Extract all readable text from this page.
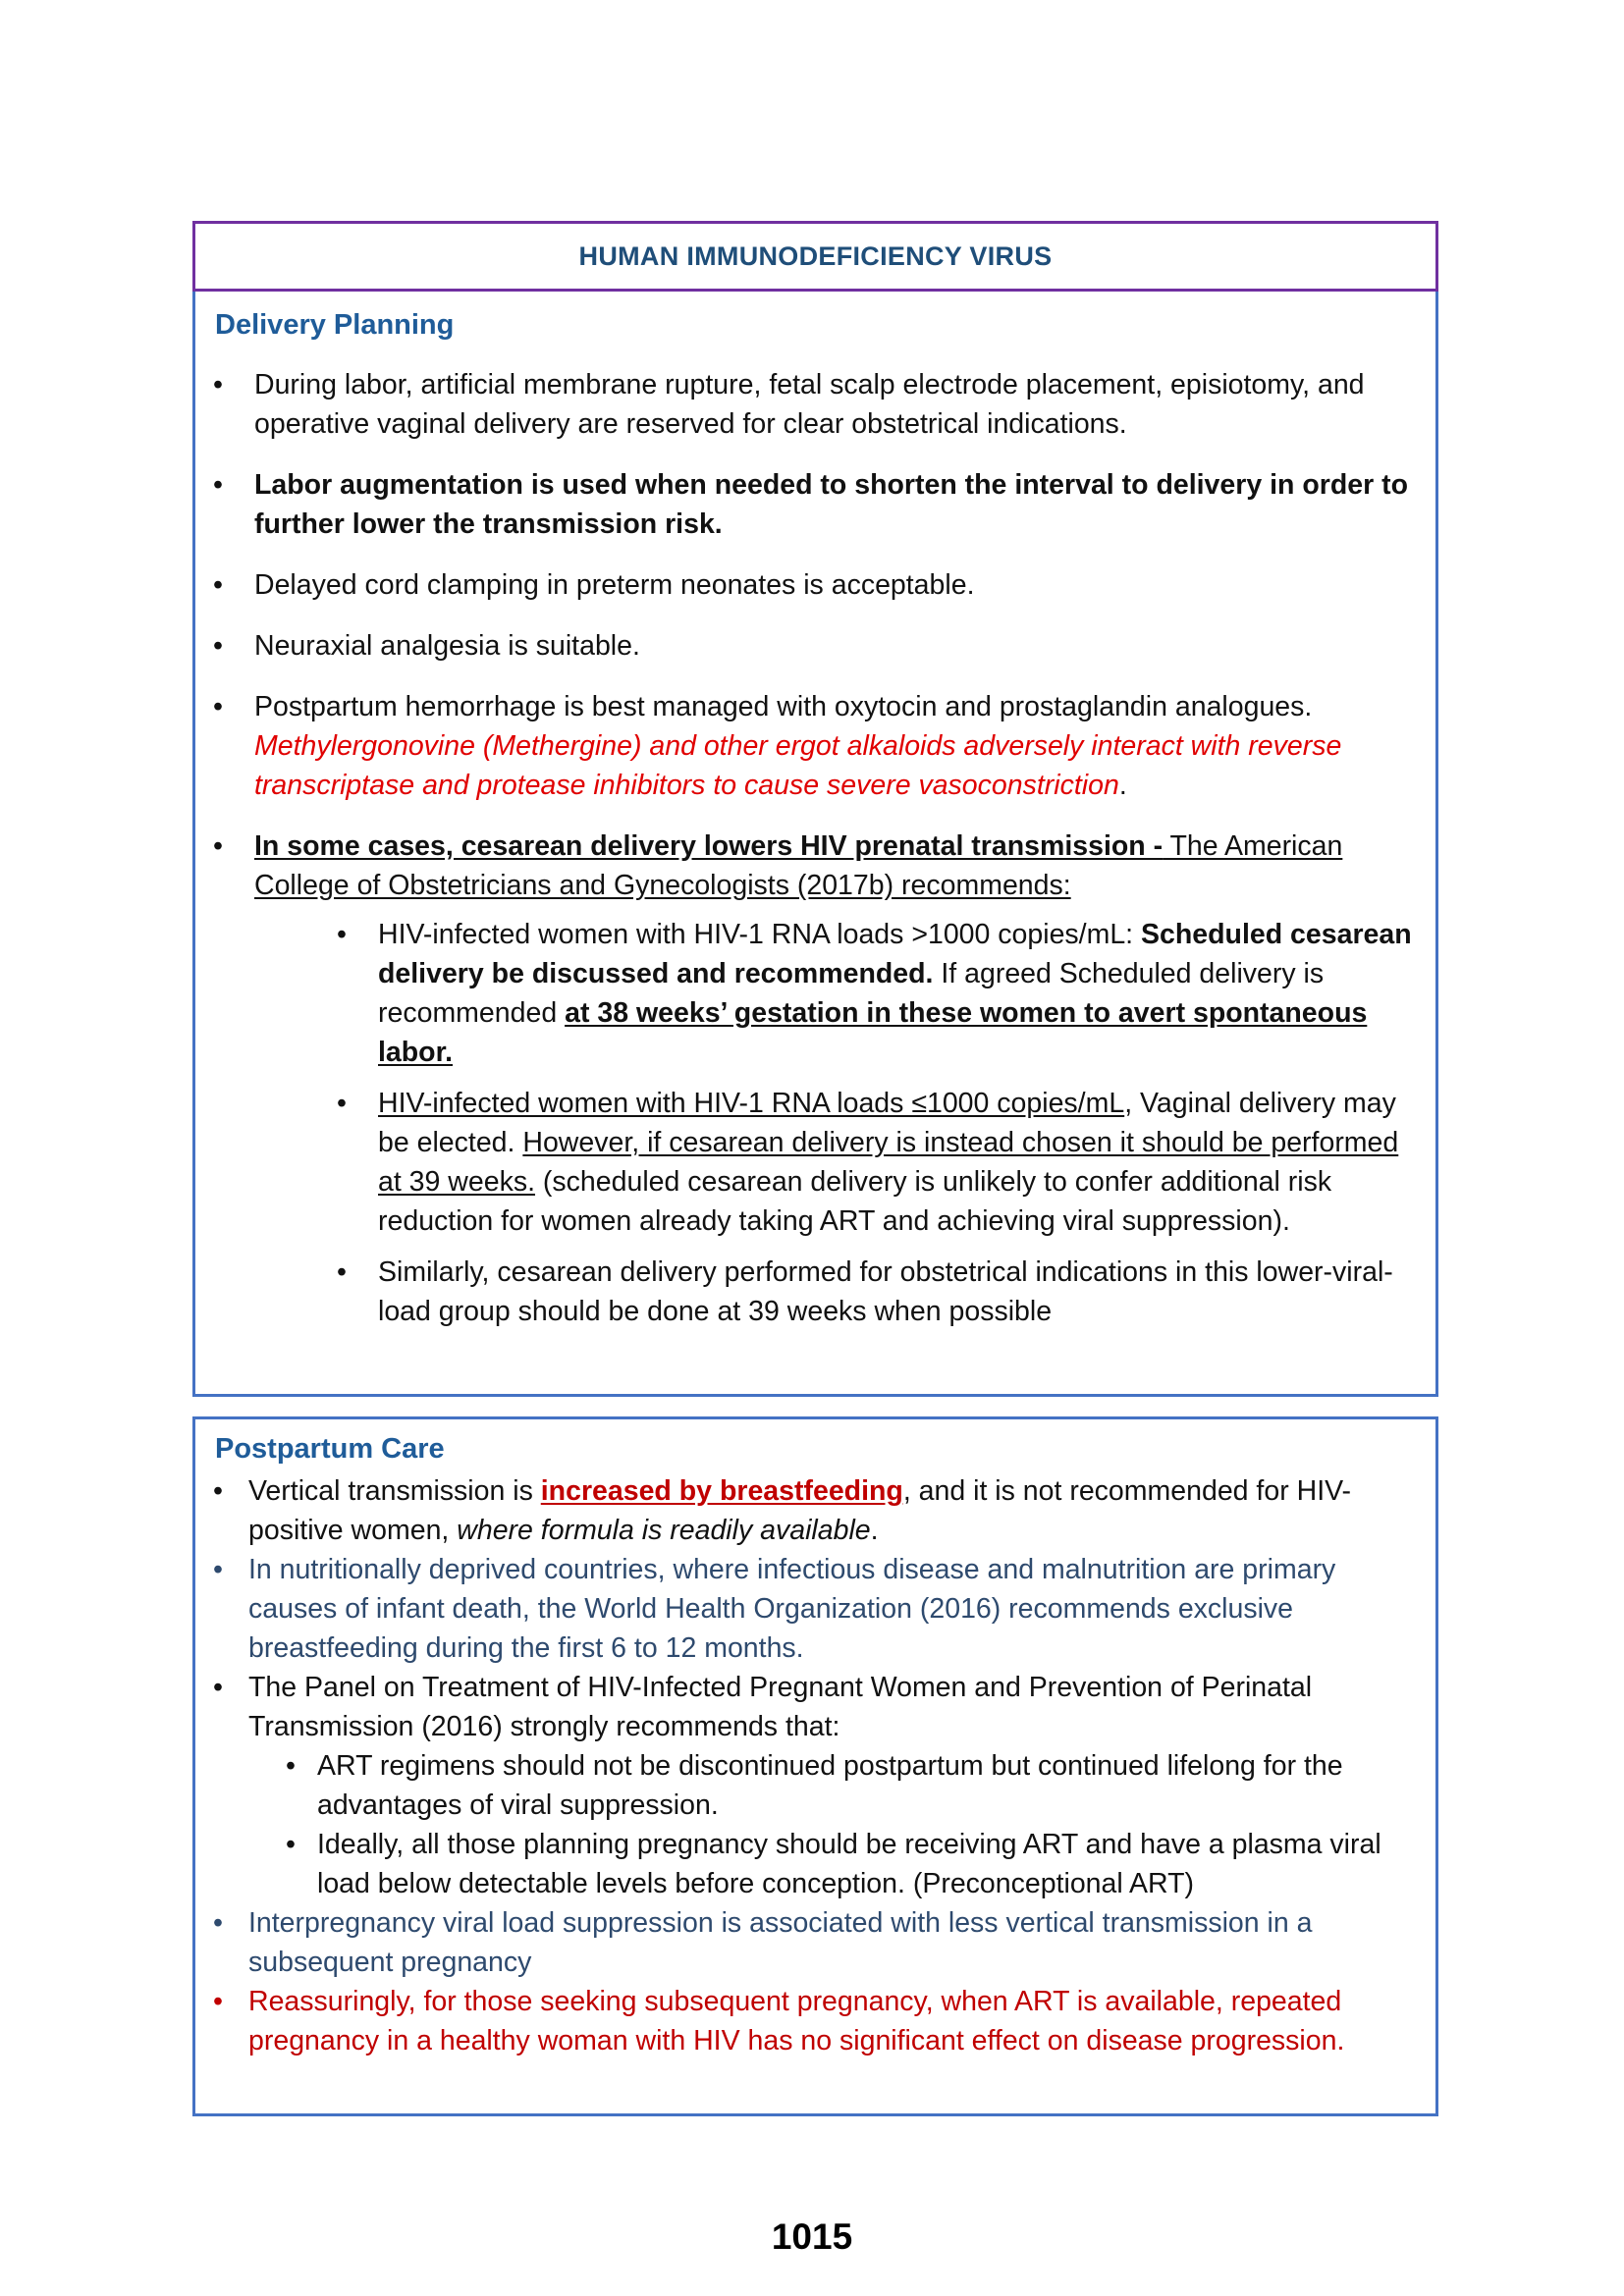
HUMAN IMMUNODEFICIENCY VIRUS
Delivery Planning
•	During labor, artificial membrane rupture, fetal scalp electrode placement, episiotomy, and operative vaginal delivery are reserved for clear obstetrical indications.
•	Labor augmentation is used when needed to shorten the interval to delivery in order to further lower the transmission risk.
•	Delayed cord clamping in preterm neonates is acceptable.
•	Neuraxial analgesia is suitable.
•	Postpartum hemorrhage is best managed with oxytocin and prostaglandin analogues.
Methylergonovine (Methergine) and other ergot alkaloids adversely interact with reverse transcriptase and protease inhibitors to cause severe vasoconstriction.
•	In some cases, cesarean delivery lowers HIV prenatal transmission - The American College of Obstetricians and Gynecologists (2017b) recommends:
•	HIV-infected women with HIV-1 RNA loads >1000 copies/mL: Scheduled cesarean delivery be discussed and recommended. If agreed Scheduled delivery is recommended at 38 weeks’ gestation in these women to avert spontaneous labor.
•	HIV-infected women with HIV-1 RNA loads ≤1000 copies/mL, Vaginal delivery may be elected. However, if cesarean delivery is instead chosen it should be performed at 39 weeks. (scheduled cesarean delivery is unlikely to confer additional risk reduction for women already taking ART and achieving viral suppression).
•	Similarly, cesarean delivery performed for obstetrical indications in this lower-viral-load group should be done at 39 weeks when possible
Postpartum Care
• Vertical transmission is increased by breastfeeding, and it is not recommended for HIV-positive women, where formula is readily available.
• In nutritionally deprived countries, where infectious disease and malnutrition are primary causes of infant death, the World Health Organization (2016) recommends exclusive breastfeeding during the first 6 to 12 months.
• The Panel on Treatment of HIV-Infected Pregnant Women and Prevention of Perinatal Transmission (2016) strongly recommends that:
• ART regimens should not be discontinued postpartum but continued lifelong for the advantages of viral suppression.
• Ideally, all those planning pregnancy should be receiving ART and have a plasma viral load below detectable levels before conception. (Preconceptional ART)
• Interpregnancy viral load suppression is associated with less vertical transmission in a subsequent pregnancy
• Reassuringly, for those seeking subsequent pregnancy, when ART is available, repeated pregnancy in a healthy woman with HIV has no significant effect on disease progression.
1015
